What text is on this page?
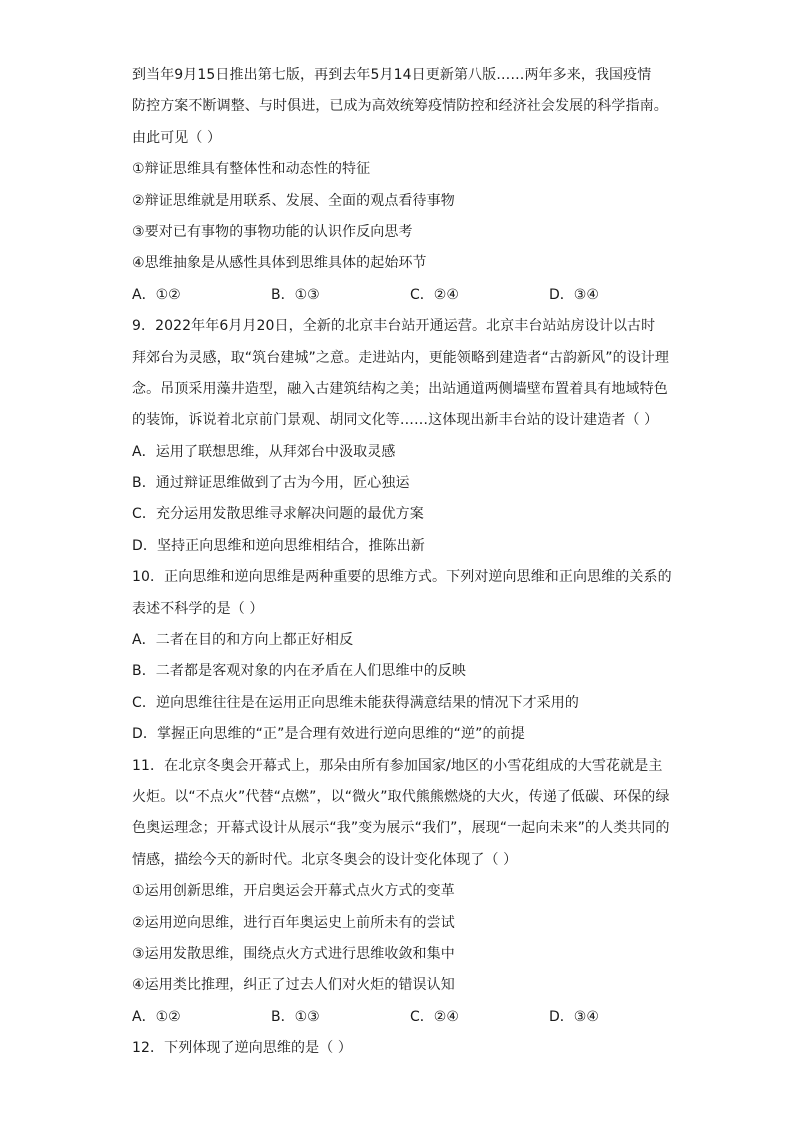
到当年9月15日推出第七版，再到去年5月14日更新第八版……两年多来，我国疫情
防控方案不断调整、与时俱进，已成为高效统筹疫情防控和经济社会发展的科学指南。
由此可见（ ）
①辩证思维具有整体性和动态性的特征
②辩证思维就是用联系、发展、全面的观点看待事物
③要对已有事物的事物功能的认识作反向思考
④思维抽象是从感性具体到思维具体的起始环节
A．①②	B．①③	C．②④	D．③④
9．2022年年6月月20日，全新的北京丰台站开通运营。北京丰台站站房设计以古时
拜郊台为灵感，取“筑台建城”之意。走进站内，更能领略到建造者“古韵新风”的设计理
念。吊顶采用藻井造型，融入古建筑结构之美；出站通道两侧墙壁布置着具有地域特色
的装饰，诉说着北京前门景观、胡同文化等……这体现出新丰台站的设计建造者（ ）
A．运用了联想思维，从拜郊台中汲取灵感
B．通过辩证思维做到了古为今用，匠心独运
C．充分运用发散思维寻求解决问题的最优方案
D．坚持正向思维和逆向思维相结合，推陈出新
10．正向思维和逆向思维是两种重要的思维方式。下列对逆向思维和正向思维的关系的
表述不科学的是（ ）
A．二者在目的和方向上都正好相反
B．二者都是客观对象的内在矛盾在人们思维中的反映
C．逆向思维往往是在运用正向思维未能获得满意结果的情况下才采用的
D．掌握正向思维的“正”是合理有效进行逆向思维的“逆”的前提
11．在北京冬奥会开幕式上，那朵由所有参加国家/地区的小雪花组成的大雪花就是主
火炬。以“不点火”代替“点燃”，以“微火”取代熊熊燃烧的大火，传递了低碳、环保的绿
色奥运理念；开幕式设计从展示“我”变为展示“我们”，展现“一起向未来”的人类共同的
情感，描绘今天的新时代。北京冬奥会的设计变化体现了（ ）
①运用创新思维，开启奥运会开幕式点火方式的变革
②运用逆向思维，进行百年奥运史上前所未有的尝试
③运用发散思维，围绕点火方式进行思维收敛和集中
④运用类比推理，纠正了过去人们对火炬的错误认知
A．①②	B．①③	C．②④	D．③④
12．下列体现了逆向思维的是（ ）
